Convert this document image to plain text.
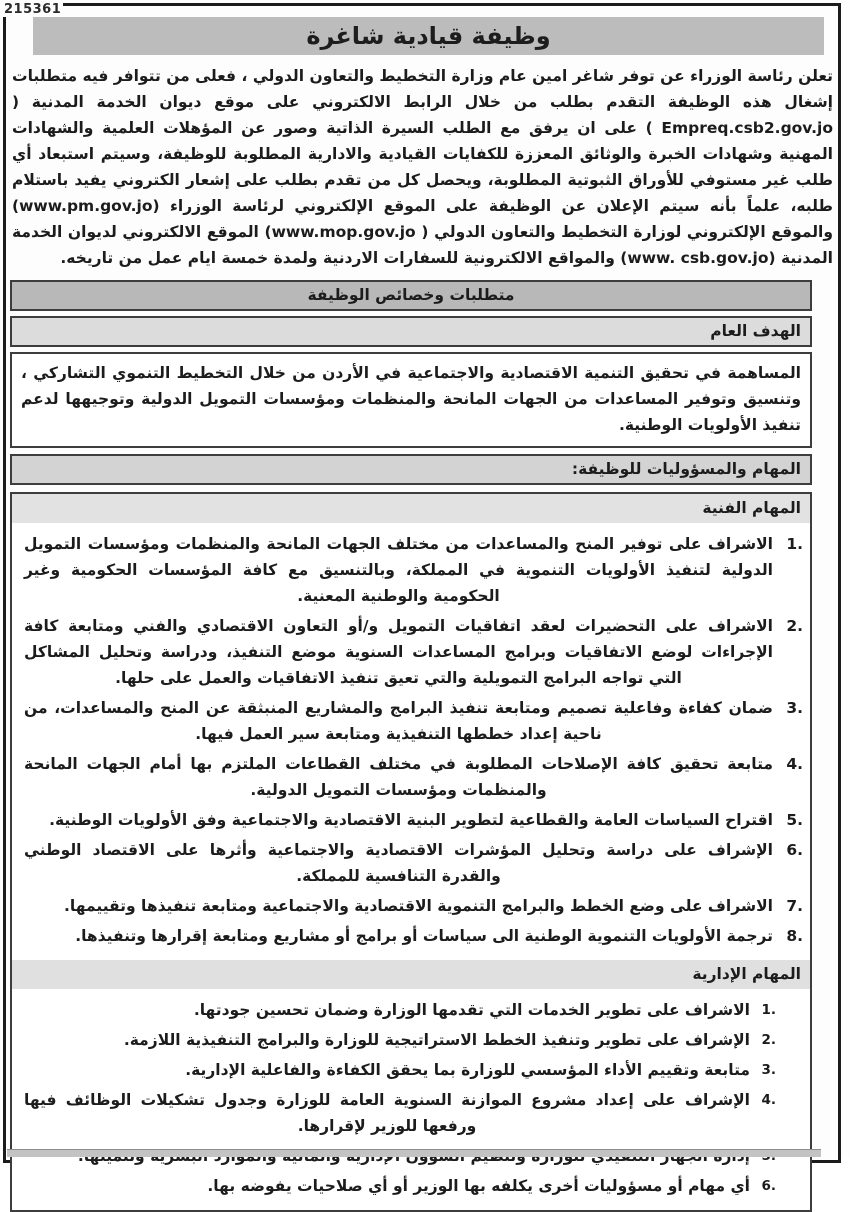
215361
وظيفة قيادية شاغرة
تعلن رئاسة الوزراء عن توفر شاغر امين عام وزارة التخطيط والتعاون الدولي ، فعلى من تتوافر فيه متطلبات إشغال هذه الوظيفة التقدم بطلب من خلال الرابط الالكتروني على موقع ديوان الخدمة المدنية ( Empreq.csb2.gov.jo ) على ان يرفق مع الطلب السيرة الذاتية وصور عن المؤهلات العلمية والشهادات المهنية وشهادات الخبرة والوثائق المعززة للكفايات القيادية والادارية المطلوبة للوظيفة، وسيتم استبعاد أي طلب غير مستوفي للأوراق الثبوتية المطلوبة، ويحصل كل من تقدم بطلب على إشعار الكتروني يفيد باستلام طلبه، علماً بأنه سيتم الإعلان عن الوظيفة على الموقع الإلكتروني لرئاسة الوزراء (www.pm.gov.jo) والموقع الإلكتروني لوزارة التخطيط والتعاون الدولي ( www.mop.gov.jo) الموقع الالكتروني لديوان الخدمة المدنية (www. csb.gov.jo) والمواقع الالكترونية للسفارات الاردنية ولمدة خمسة ايام عمل من تاريخه.
متطلبات وخصائص الوظيفة
الهدف العام
المساهمة في تحقيق التنمية الاقتصادية والاجتماعية في الأردن من خلال التخطيط التنموي التشاركي ، وتنسيق وتوفير المساعدات من الجهات المانحة والمنظمات ومؤسسات التمويل الدولية وتوجيهها لدعم تنفيذ الأولويات الوطنية.
المهام والمسؤوليات للوظيفة:
المهام الفنية
1.
الاشراف على توفير المنح والمساعدات من مختلف الجهات المانحة والمنظمات ومؤسسات التمويل الدولية لتنفيذ الأولويات التنموية في المملكة، وبالتنسيق مع كافة المؤسسات الحكومية وغير الحكومية والوطنية المعنية.
2.
الاشراف على التحضيرات لعقد اتفاقيات التمويل و/أو التعاون الاقتصادي والفني ومتابعة كافة الإجراءات لوضع الاتفاقيات وبرامج المساعدات السنوية موضع التنفيذ، ودراسة وتحليل المشاكل التي تواجه البرامج التمويلية والتي تعيق تنفيذ الاتفاقيات والعمل على حلها.
3.
ضمان كفاءة وفاعلية تصميم ومتابعة تنفيذ البرامج والمشاريع المنبثقة عن المنح والمساعدات، من ناحية إعداد خططها التنفيذية ومتابعة سير العمل فيها.
4.
متابعة تحقيق كافة الإصلاحات المطلوبة في مختلف القطاعات الملتزم بها أمام الجهات المانحة والمنظمات ومؤسسات التمويل الدولية.
5.
اقتراح السياسات العامة والقطاعية لتطوير البنية الاقتصادية والاجتماعية وفق الأولويات الوطنية.
6.
الإشراف على دراسة وتحليل المؤشرات الاقتصادية والاجتماعية وأثرها على الاقتصاد الوطني والقدرة التنافسية للمملكة.
7.
الاشراف على وضع الخطط والبرامج التنموية الاقتصادية والاجتماعية ومتابعة تنفيذها وتقييمها.
8.
ترجمة الأولويات التنموية الوطنية الى سياسات أو برامج أو مشاريع ومتابعة إقرارها وتنفيذها.
المهام الإدارية
1.
الاشراف على تطوير الخدمات التي تقدمها الوزارة وضمان تحسين جودتها.
2.
الإشراف على تطوير وتنفيذ الخطط الاستراتيجية للوزارة والبرامج التنفيذية اللازمة.
3.
متابعة وتقييم الأداء المؤسسي للوزارة بما يحقق الكفاءة والفاعلية الإدارية.
4.
الإشراف على إعداد مشروع الموازنة السنوية العامة للوزارة وجدول تشكيلات الوظائف فيها ورفعها للوزير لإقرارها.
6.
أي مهام أو مسؤوليات أخرى يكلفه بها الوزير أو أي صلاحيات يفوضه بها.
